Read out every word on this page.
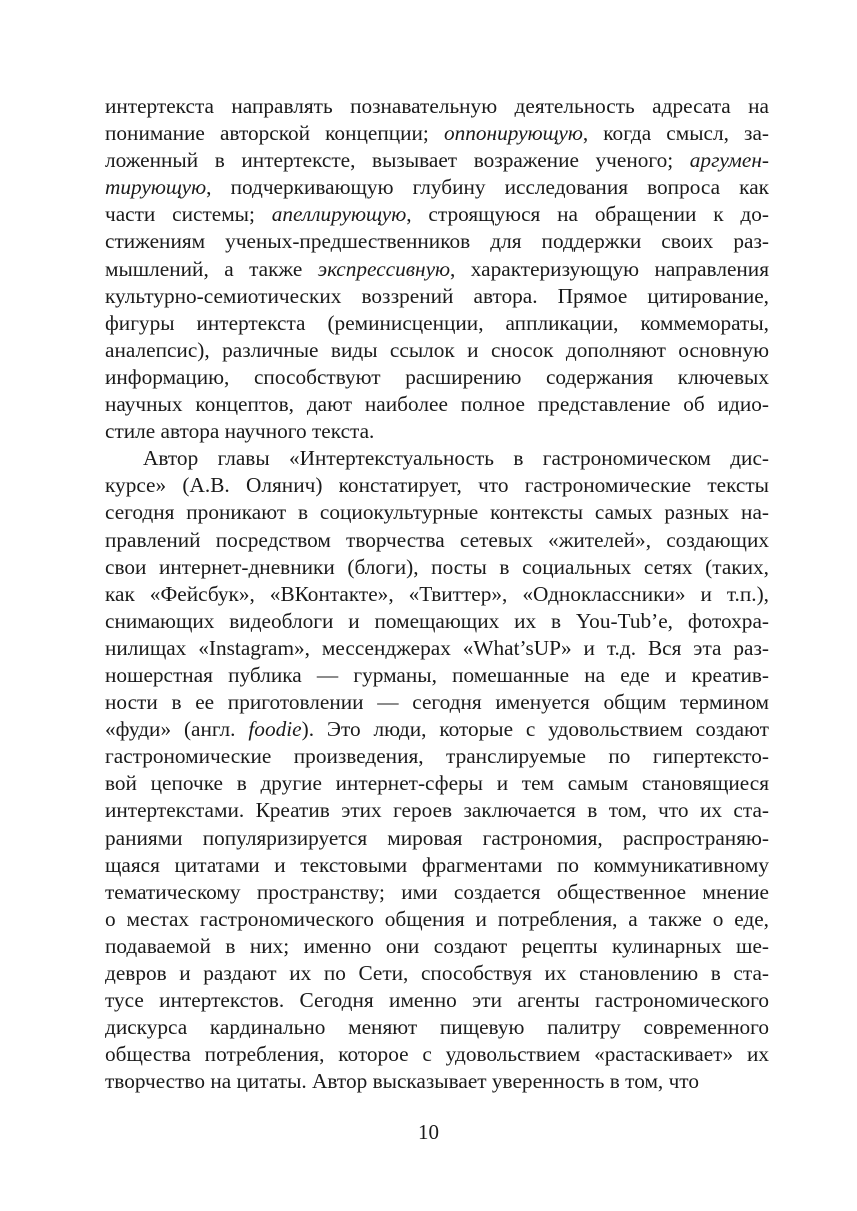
интертекста направлять познавательную деятельность адресата на
понимание авторской концепции; оппонирующую, когда смысл, за-
ложенный в интертексте, вызывает возражение ученого; аргумен-
тирующую, подчеркивающую глубину исследования вопроса как
части системы; апеллирующую, строящуюся на обращении к до-
стижениям ученых-предшественников для поддержки своих раз-
мышлений, а также экспрессивную, характеризующую направления
культурно-семиотических воззрений автора. Прямое цитирование,
фигуры интертекста (реминисценции, аппликации, коммемораты,
аналепсис), различные виды ссылок и сносок дополняют основную
информацию, способствуют расширению содержания ключевых
научных концептов, дают наиболее полное представление об идио-
стиле автора научного текста.
Автор главы «Интертекстуальность в гастрономическом дис-
курсе» (А.В. Олянич) констатирует, что гастрономические тексты
сегодня проникают в социокультурные контексты самых разных на-
правлений посредством творчества сетевых «жителей», создающих
свои интернет-дневники (блоги), посты в социальных сетях (таких,
как «Фейсбук», «ВКонтакте», «Твиттер», «Одноклассники» и т.п.),
снимающих видеоблоги и помещающих их в You-Tub’е, фотохра-
нилищах «Instagram», мессенджерах «What’sUP» и т.д. Вся эта раз-
ношерстная публика — гурманы, помешанные на еде и креатив-
ности в ее приготовлении — сегодня именуется общим термином
«фуди» (англ. foodie). Это люди, которые с удовольствием создают
гастрономические произведения, транслируемые по гипертексто-
вой цепочке в другие интернет-сферы и тем самым становящиеся
интертекстами. Креатив этих героев заключается в том, что их ста-
раниями популяризируется мировая гастрономия, распространяю-
щаяся цитатами и текстовыми фрагментами по коммуникативному
тематическому пространству; ими создается общественное мнение
о местах гастрономического общения и потребления, а также о еде,
подаваемой в них; именно они создают рецепты кулинарных ше-
девров и раздают их по Сети, способствуя их становлению в ста-
тусе интертекстов. Сегодня именно эти агенты гастрономического
дискурса кардинально меняют пищевую палитру современного
общества потребления, которое с удовольствием «растаскивает» их
творчество на цитаты. Автор высказывает уверенность в том, что
10
